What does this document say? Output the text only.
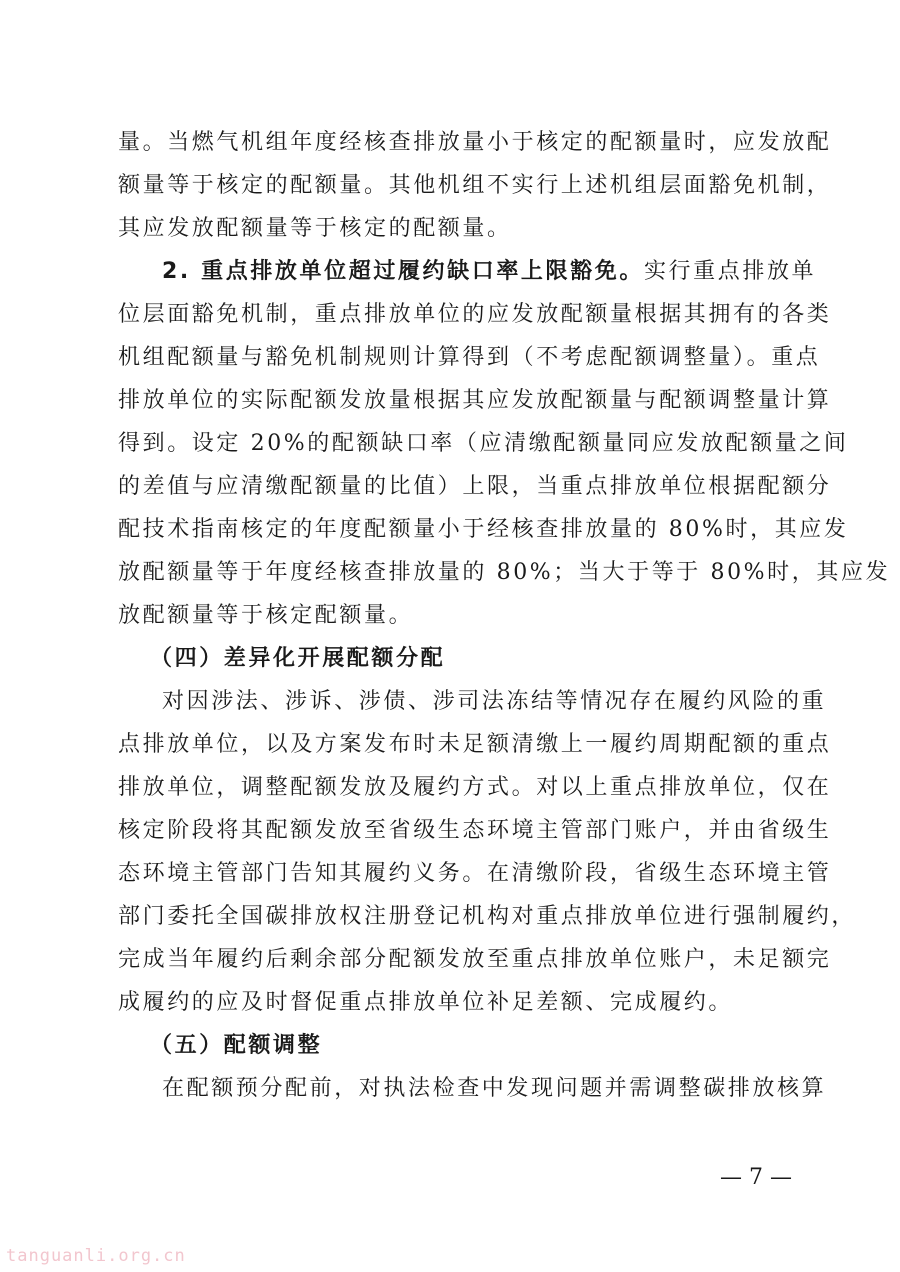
量。当燃气机组年度经核查排放量小于核定的配额量时，应发放配
额量等于核定的配额量。其他机组不实行上述机组层面豁免机制，
其应发放配额量等于核定的配额量。
2. 重点排放单位超过履约缺口率上限豁免。实行重点排放单
位层面豁免机制，重点排放单位的应发放配额量根据其拥有的各类
机组配额量与豁免机制规则计算得到（不考虑配额调整量）。重点
排放单位的实际配额发放量根据其应发放配额量与配额调整量计算
得到。设定 20%的配额缺口率（应清缴配额量同应发放配额量之间
的差值与应清缴配额量的比值）上限，当重点排放单位根据配额分
配技术指南核定的年度配额量小于经核查排放量的 80%时，其应发
放配额量等于年度经核查排放量的 80%；当大于等于 80%时，其应发
放配额量等于核定配额量。
（四）差异化开展配额分配
对因涉法、涉诉、涉债、涉司法冻结等情况存在履约风险的重
点排放单位，以及方案发布时未足额清缴上一履约周期配额的重点
排放单位，调整配额发放及履约方式。对以上重点排放单位，仅在
核定阶段将其配额发放至省级生态环境主管部门账户，并由省级生
态环境主管部门告知其履约义务。在清缴阶段，省级生态环境主管
部门委托全国碳排放权注册登记机构对重点排放单位进行强制履约，
完成当年履约后剩余部分配额发放至重点排放单位账户，未足额完
成履约的应及时督促重点排放单位补足差额、完成履约。
（五）配额调整
在配额预分配前，对执法检查中发现问题并需调整碳排放核算
— 7 —
tanguanli.org.cn
